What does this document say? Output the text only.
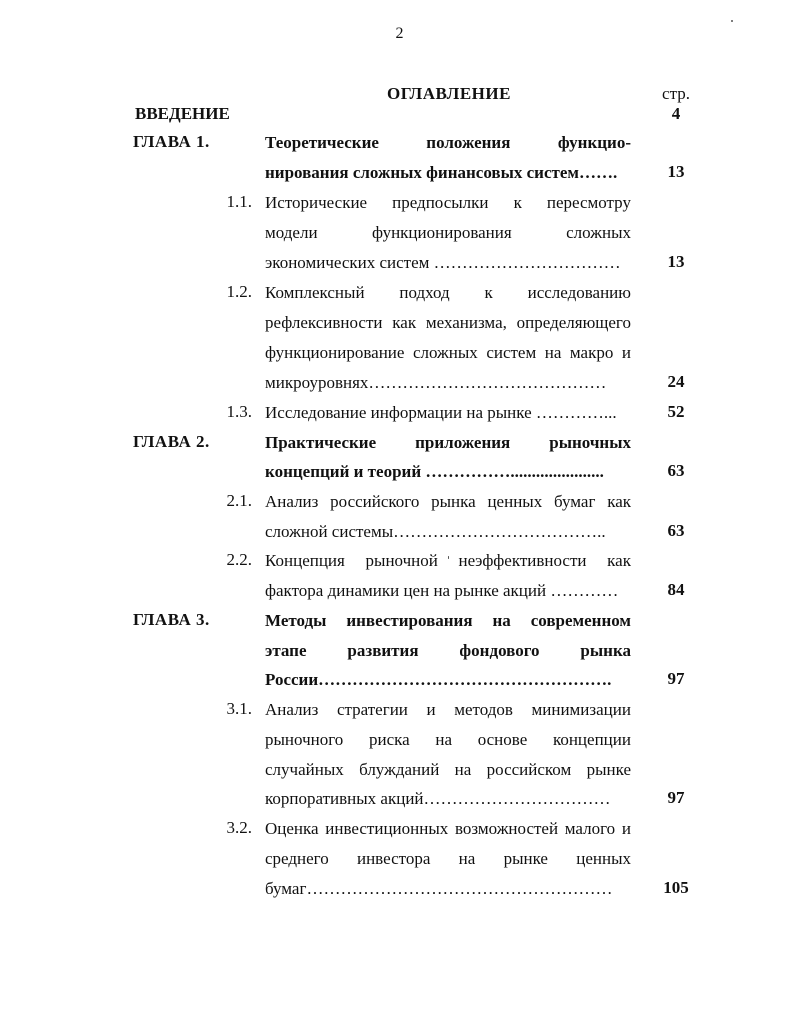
2
ОГЛАВЛЕНИЕ	стр.
ВВЕДЕНИЕ	4
ГЛАВА 1.	Теоретические	положения	функцио-
нирования сложных финансовых систем…….	13
1.1. Исторические предпосылки к пересмотру
модели	функционирования	сложных
экономических систем ……………………………	13
1.2. Комплексный подход к исследованию
рефлексивности как механизма, определяющего
функционирование сложных систем на макро и
микроуровнях……………………………………	24
1.3. Исследование информации на рынке …………...	52
ГЛАВА 2.	Практические приложения рыночных
концепций и теорий ……………......................	63
2.1. Анализ российского рынка ценных бумаг как
сложной системы………………………………..	63
2.2. Концепция рыночной неэффективности как
фактора динамики цен на рынке акций …………	84
ГЛАВА 3.	Методы инвестирования на современном
этапе развития фондового рынка
России…………………………………………….	97
3.1. Анализ стратегии и методов минимизации
рыночного риска на основе концепции
случайных блужданий на российском рынке
корпоративных акций……………………………	97
3.2. Оценка инвестиционных возможностей малого и
среднего инвестора на рынке ценных
бумаг………………………………………………	105
